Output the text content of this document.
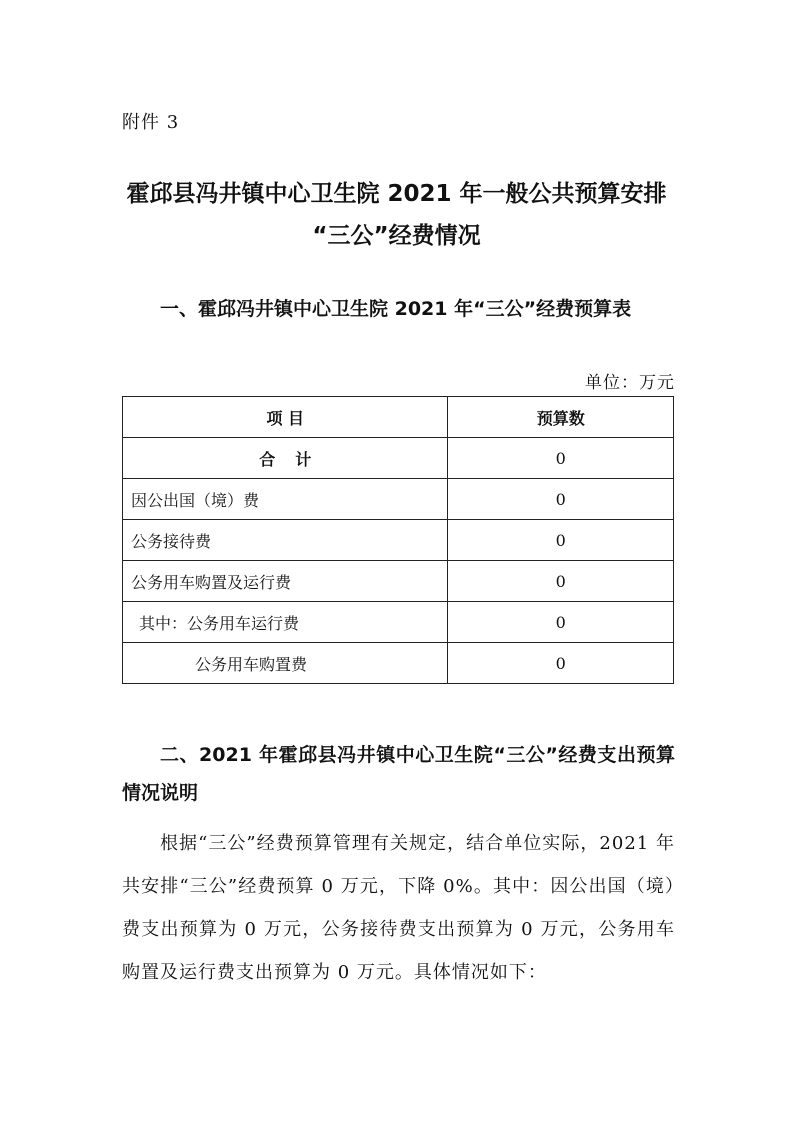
附件 3
霍邱县冯井镇中心卫生院 2021 年一般公共预算安排
“三公”经费情况
一、霍邱冯井镇中心卫生院 2021 年“三公”经费预算表
单位：万元
项 目	预算数
合计	0
因公出国（境）费	0
公务接待费	0
公务用车购置及运行费	0
其中：公务用车运行费	0
公务用车购置费	0
二、2021 年霍邱县冯井镇中心卫生院“三公”经费支出预算情况说明
根据“三公”经费预算管理有关规定，结合单位实际，2021 年共安排“三公”经费预算 0 万元，下降 0%。其中：因公出国（境）费支出预算为 0 万元，公务接待费支出预算为 0 万元，公务用车购置及运行费支出预算为 0 万元。具体情况如下：
